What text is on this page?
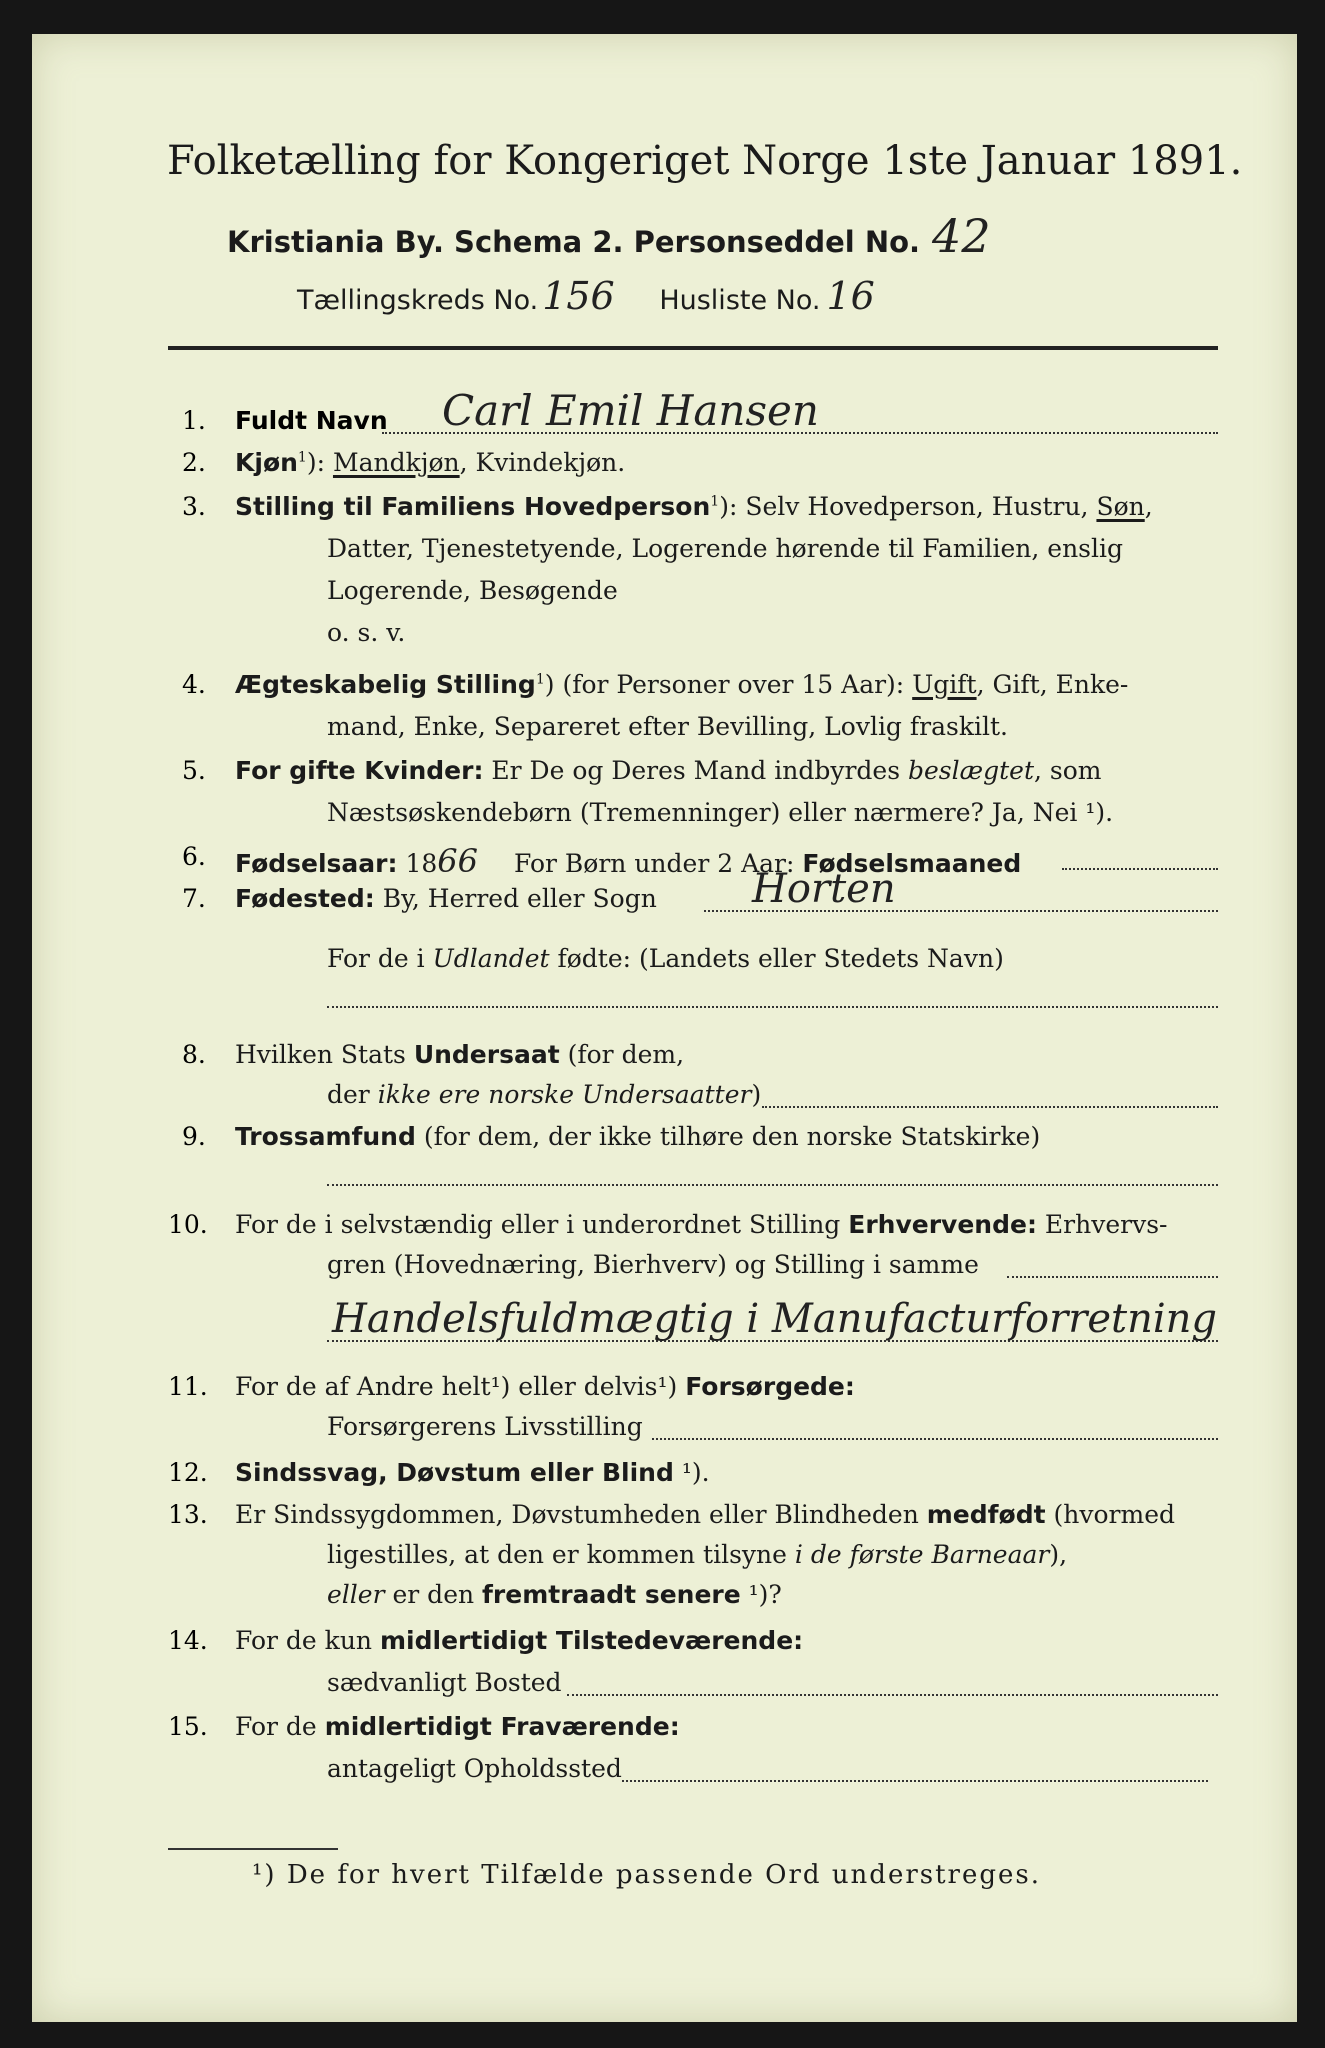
Folketælling for Kongeriget Norge 1ste Januar 1891.
Kristiania By. Schema 2. Personseddel No. 42
Tællingskreds No. 156 Husliste No. 16
1. Fuldt Navn Carl Emil Hansen
2. Kjøn$^1$): Mandkjøn, Kvindekjøn.
3. Stilling til Familiens Hovedperson$^1$): Selv Hovedperson, Hustru, Søn,
Datter, Tjenestetyende, Logerende hørende til Familien, enslig
Logerende, Besøgende
o. s. v.
4. Ægteskabelig Stilling$^1$) (for Personer over 15 Aar): Ugift, Gift, Enke-
mand, Enke, Separeret efter Bevilling, Lovlig fraskilt.
5. For gifte Kvinder: Er De og Deres Mand indbyrdes beslægtet, som
Næstsøskendebørn (Tremenninger) eller nærmere? Ja, Nei ¹).
6. Fødselsaar: 1866 For Børn under 2 Aar: Fødselsmaaned
7. Fødested: By, Herred eller Sogn Horten
For de i Udlandet fødte: (Landets eller Stedets Navn)
8. Hvilken Stats Undersaat (for dem,
der ikke ere norske Undersaatter)
9. Trossamfund (for dem, der ikke tilhøre den norske Statskirke)
10. For de i selvstændig eller i underordnet Stilling Erhvervende: Erhvervs-
gren (Hovednæring, Bierhverv) og Stilling i samme
Handelsfuldmægtig i Manufacturforretning
11. For de af Andre helt¹) eller delvis¹) Forsørgede:
Forsørgerens Livsstilling
12. Sindssvag, Døvstum eller Blind ¹).
13. Er Sindssygdommen, Døvstumheden eller Blindheden medfødt (hvormed
ligestilles, at den er kommen tilsyne i de første Barneaar),
eller er den fremtraadt senere ¹)?
14. For de kun midlertidigt Tilstedeværende:
sædvanligt Bosted
15. For de midlertidigt Fraværende:
antageligt Opholdssted
¹) De for hvert Tilfælde passende Ord understreges.
